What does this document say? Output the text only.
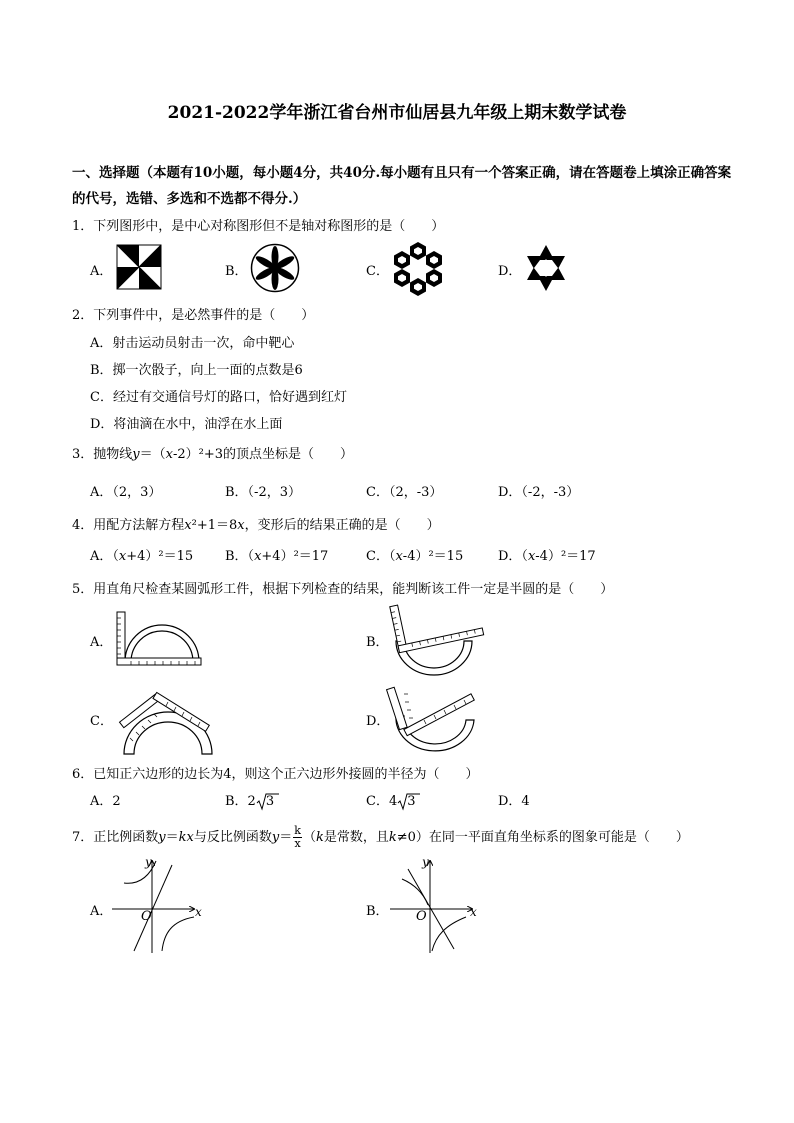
2021-2022学年浙江省台州市仙居县九年级上期末数学试卷
一、选择题（本题有10小题，每小题4分，共40分.每小题有且只有一个答案正确，请在答题卷上填涂正确答案的代号，选错、多选和不选都不得分.）
1．下列图形中，是中心对称图形但不是轴对称图形的是（　　）
A．	B．	C．	D．
2．下列事件中，是必然事件的是（　　）
A．射击运动员射击一次，命中靶心
B．掷一次骰子，向上一面的点数是6
C．经过有交通信号灯的路口，恰好遇到红灯
D．将油滴在水中，油浮在水上面
3．抛物线y＝（x-2）²+3的顶点坐标是（　　）
A．（2，3）	B．（-2，3）	C．（2，-3）	D．（-2，-3）
4．用配方法解方程x²+1＝8x，变形后的结果正确的是（　　）
A．（x+4）²＝15 B．（x+4）²＝17	C．（x-4）²＝15	D．（x-4）²＝17
5．用直角尺检查某圆弧形工件，根据下列检查的结果，能判断该工件一定是半圆的是（　　）
A．	B．
C．	D．
6．已知正六边形的边长为4，则这个正六边形外接圆的半径为（　　）
A．2	B．2 3	C．4 3	D．4
7．正比例函数y＝kx与反比例函数$y= \frac{k}{x} (k$是常数，且k≠0）在同一平面直角坐标系的图象可能是（　　）
A．	B．
y
x
O
y
x
O
